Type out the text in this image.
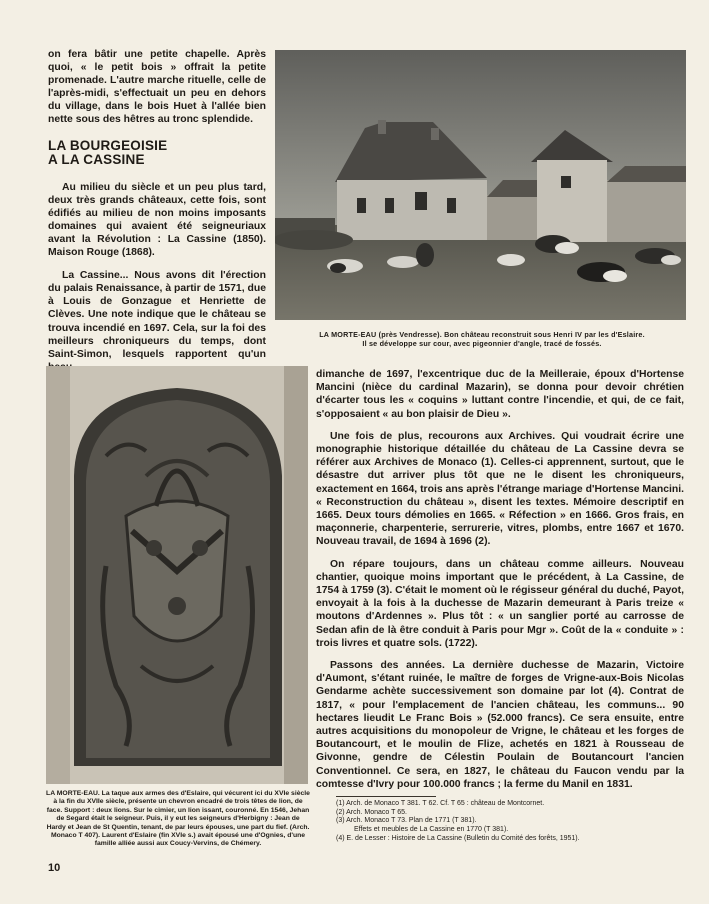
on fera bâtir une petite chapelle. Après quoi, « le petit bois » offrait la petite promenade. L'autre marche rituelle, celle de l'après-midi, s'effectuait un peu en dehors du village, dans le bois Huet à l'allée bien nette sous des hêtres au tronc splendide.

LA BOURGEOISIE
A LA CASSINE

Au milieu du siècle et un peu plus tard, deux très grands châteaux, cette fois, sont édifiés au milieu de non moins imposants domaines qui avaient été seigneuriaux avant la Révolution : La Cassine (1850). Maison Rouge (1868).

La Cassine... Nous avons dit l'érection du palais Renaissance, à partir de 1571, due à Louis de Gonzague et Henriette de Clèves. Une note indique que le château se trouva incendié en 1697. Cela, sur la foi des meilleurs chroniqueurs du temps, dont Saint-Simon, lesquels rapportent qu'un

LA MORTE-EAU (près Vendresse). Bon château reconstruit sous Henri IV par les d'Eslaire.
Il se développe sur cour, avec pigeonnier d'angle, tracé de fossés.
LA MORTE-EAU. La taque aux armes des d'Eslaire, qui vécurent ici du XVIe siècle à la fin du XVIIe siècle, présente un chevron encadré de trois têtes de lion, de face. Support : deux lions. Sur le cimier, un lion issant, couronné. En 1546, Jehan de Segard était le seigneur. Puis, il y eut les seigneurs d'Herbigny : Jean de Hardy et Jean de St Quentin, tenant, de par leurs épouses, une part du fief. (Arch. Monaco T 407). Laurent d'Eslaire (fin XVIe s.) avait épousé une d'Ognies, d'une famille alliée aussi aux Coucy-Vervins, de Chémery.

dimanche de 1697, l'excentrique duc de la Meilleraie, époux d'Hortense Mancini (nièce du cardinal Mazarin), se donna pour devoir chrétien d'écarter tous les « coquins » luttant contre l'incendie, et qui, de ce fait, s'opposaient « au bon plaisir de Dieu ».

Une fois de plus, recourons aux Archives. Qui voudrait écrire une monographie historique détaillée du château de La Cassine devra se référer aux Archives de Monaco (1). Celles-ci apprennent, surtout, que le désastre dut arriver plus tôt que ne le disent les chroniqueurs, exactement en 1664, trois ans après l'étrange mariage d'Hortense Mancini. « Reconstruction du château », disent les textes. Mémoire descriptif en 1665. Deux tours démolies en 1665. « Réfection » en 1666. Gros frais, en maçonnerie, charpenterie, serrurerie, vitres, plombs, entre 1667 et 1670. Nouveau travail, de 1694 à 1696 (2).

On répare toujours, dans un château comme ailleurs. Nouveau chantier, quoique moins important que le précédent, à La Cassine, de 1754 à 1759 (3). C'était le moment où le régisseur général du duché, Payot, envoyait à la fois à la duchesse de Mazarin demeurant à Paris treize « moutons d'Ardennes ». Plus tôt : « un sanglier porté au carrosse de Sedan afin de là être conduit à Paris pour Mgr ». Coût de la « conduite » : trois livres et quatre sols. (1722).

Passons des années. La dernière duchesse de Mazarin, Victoire d'Aumont, s'étant ruinée, le maître de forges de Vrigne-aux-Bois Nicolas Gendarme achète successivement son domaine par lot (4). Contrat de 1817, « pour l'emplacement de l'ancien château, les communs... 90 hectares lieudit Le Franc Bois » (52.000 francs). Ce sera ensuite, entre autres acquisitions du monopoleur de Vrigne, le château et les forges de Boutancourt, et le moulin de Flize, achetés en 1821 à Rousseau de Givonne, gendre de Célestin Poulain de Boutancourt l'ancien Conventionnel. Ce sera, en 1827, le château du Faucon vendu par la comtesse d'Ivry pour 100.000 francs ; la ferme du Manil en 1831.

(1) Arch. de Monaco T 381. T 62. Cf. T 65 : château de Montcornet.
(2) Arch. Monaco T 65.
(3) Arch. Monaco T 73. Plan de 1771 (T 381).
Effets et meubles de La Cassine en 1770 (T 381).
(4) E. de Lesser : Histoire de La Cassine (Bulletin du Comité des forêts, 1951).
10
